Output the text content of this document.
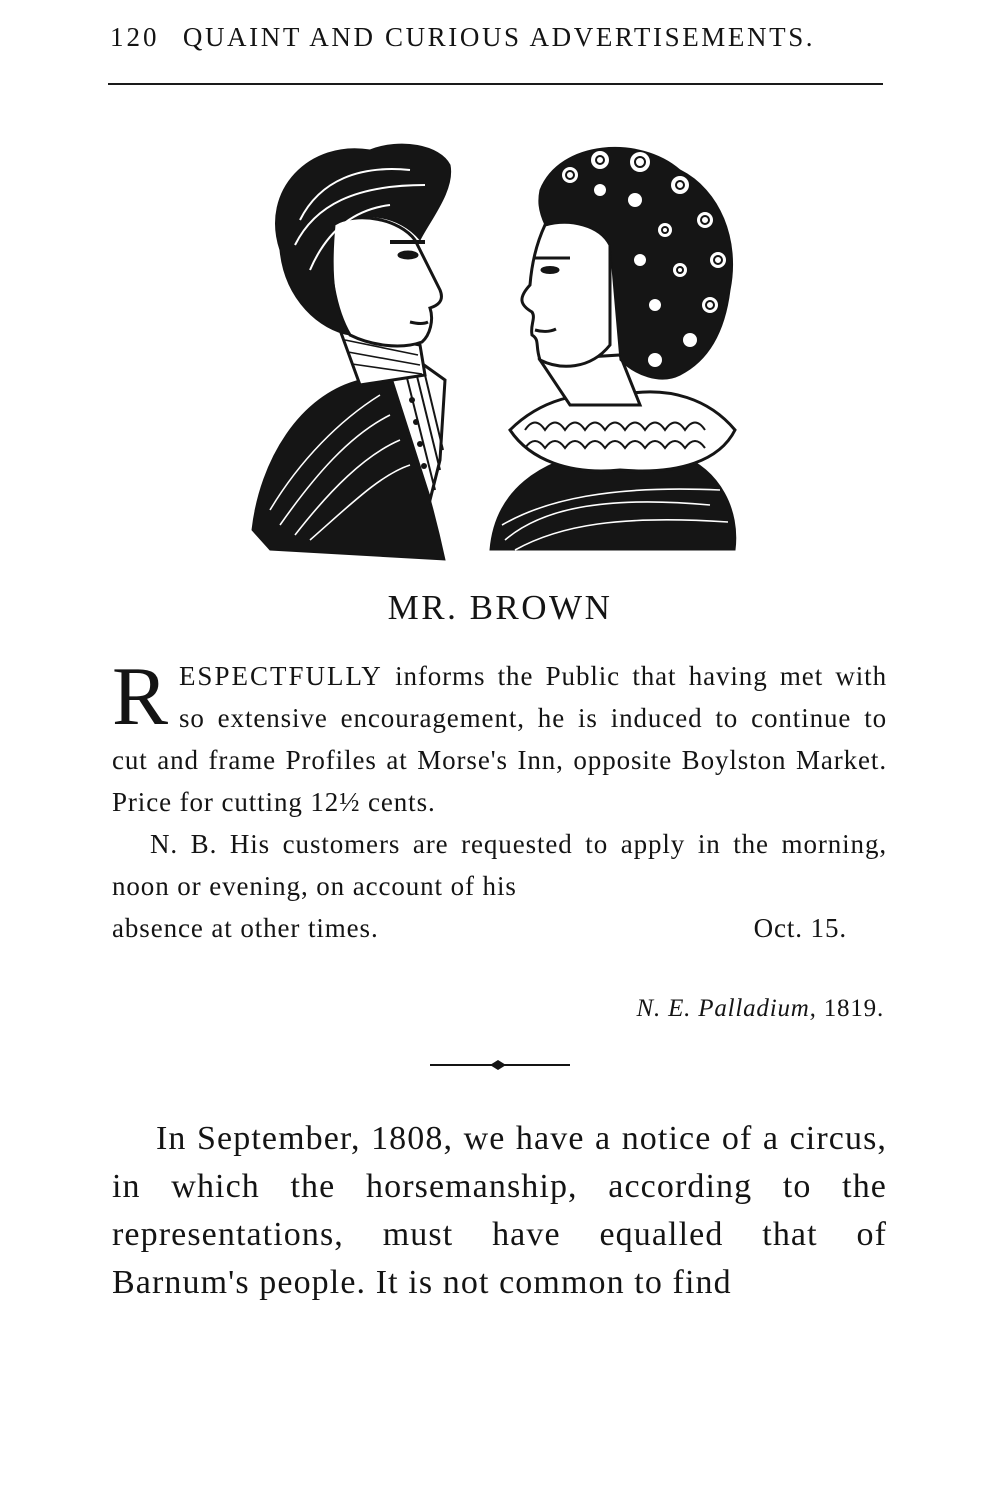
120 QUAINT AND CURIOUS ADVERTISEMENTS.
MR. BROWN

RESPECTFULLY informs the Public that having met with so extensive encouragement, he is induced to continue to cut and frame Profiles at Morse's Inn, opposite Boylston Market. Price for cutting 12½ cents.

N. B. His customers are requested to apply in the morning, noon or evening, on account of his

absence at other times.	Oct. 15.
N. E. Palladium, 1819.

In September, 1808, we have a notice of a circus, in which the horsemanship, according to the representations, must have equalled that of Barnum's people. It is not common to find
